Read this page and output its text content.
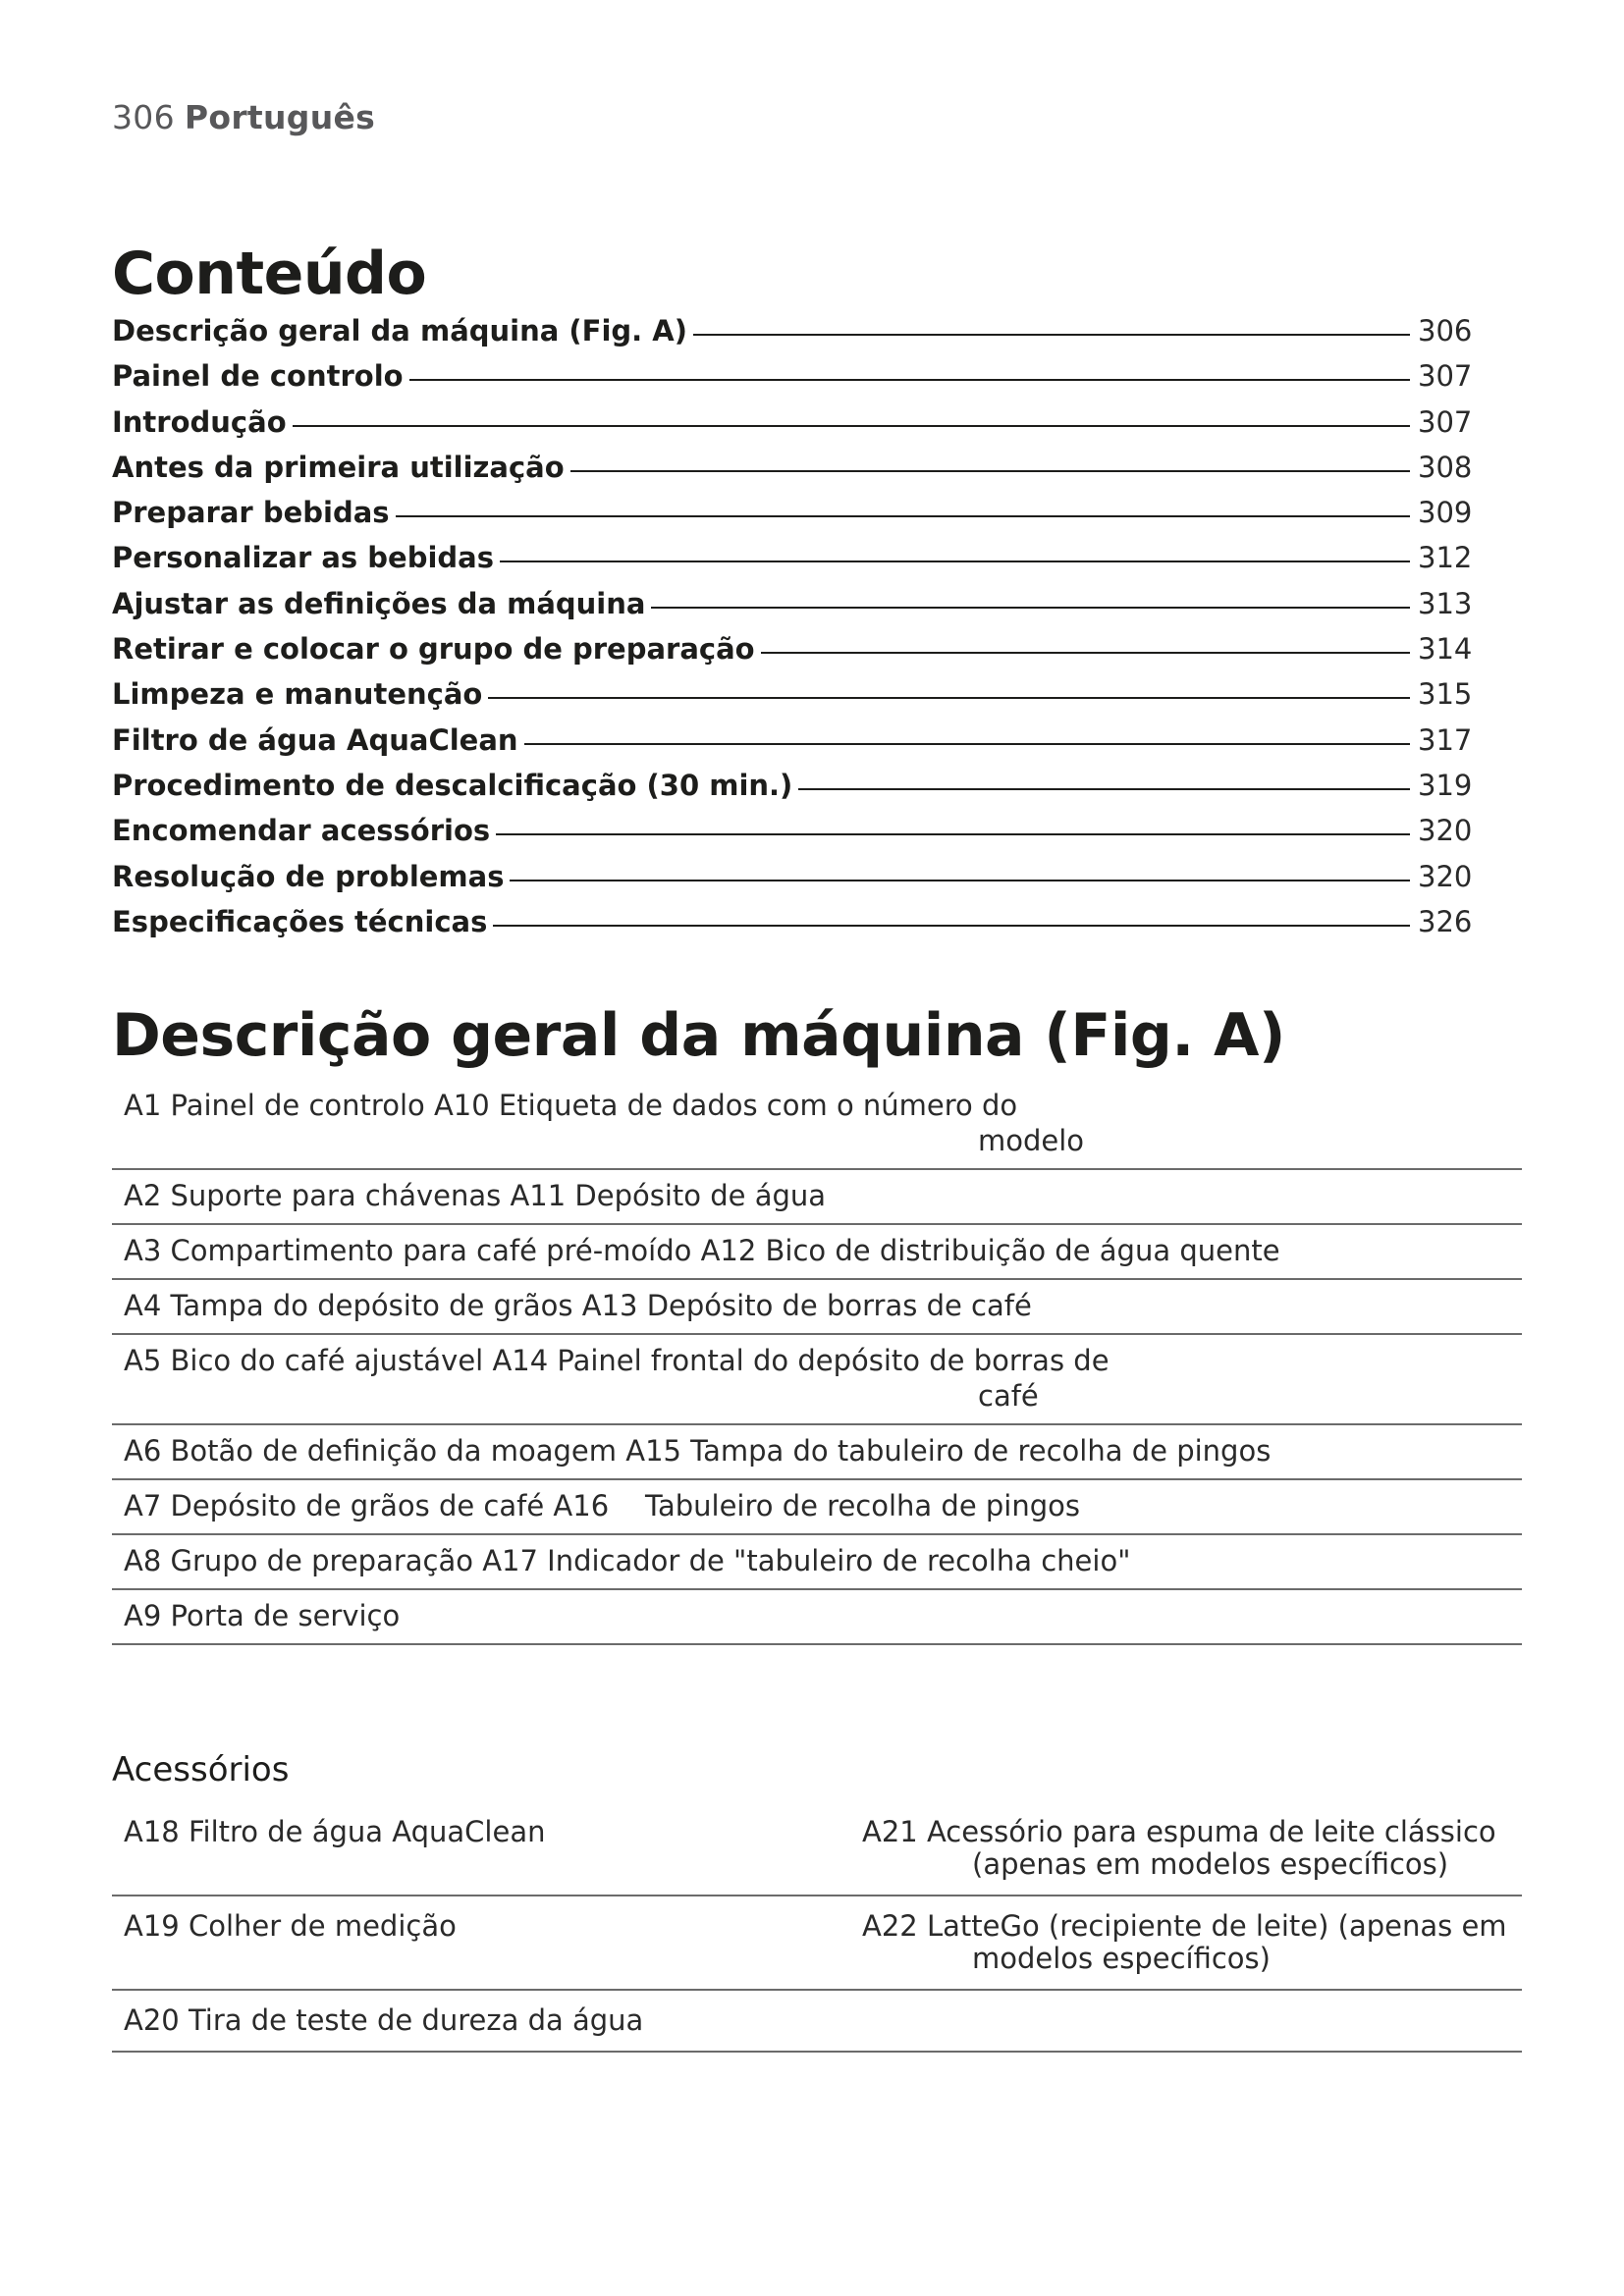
306 Português
Conteúdo
Descrição geral da máquina (Fig. A)	306
Painel de controlo	307
Introdução	307
Antes da primeira utilização	308
Preparar bebidas	309
Personalizar as bebidas	312
Ajustar as definições da máquina	313
Retirar e colocar o grupo de preparação	314
Limpeza e manutenção	315
Filtro de água AquaClean	317
Procedimento de descalcificação (30 min.)	319
Encomendar acessórios	320
Resolução de problemas	320
Especificações técnicas	326
Descrição geral da máquina (Fig. A)
A1 Painel de controlo A10 Etiqueta de dados com o número do
modelo
A2 Suporte para chávenas A11 Depósito de água
A3 Compartimento para café pré-moído A12 Bico de distribuição de água quente
A4 Tampa do depósito de grãos A13 Depósito de borras de café
A5 Bico do café ajustável A14 Painel frontal do depósito de borras de
café
A6 Botão de definição da moagem A15 Tampa do tabuleiro de recolha de pingos
A7 Depósito de grãos de café A16    Tabuleiro de recolha de pingos
A8 Grupo de preparação A17 Indicador de "tabuleiro de recolha cheio"
A9 Porta de serviço
Acessórios
A18 Filtro de água AquaClean	A21 Acessório para espuma de leite clássico
(apenas em modelos específicos)
A19 Colher de medição	A22 LatteGo (recipiente de leite) (apenas em
modelos específicos)
A20 Tira de teste de dureza da água
